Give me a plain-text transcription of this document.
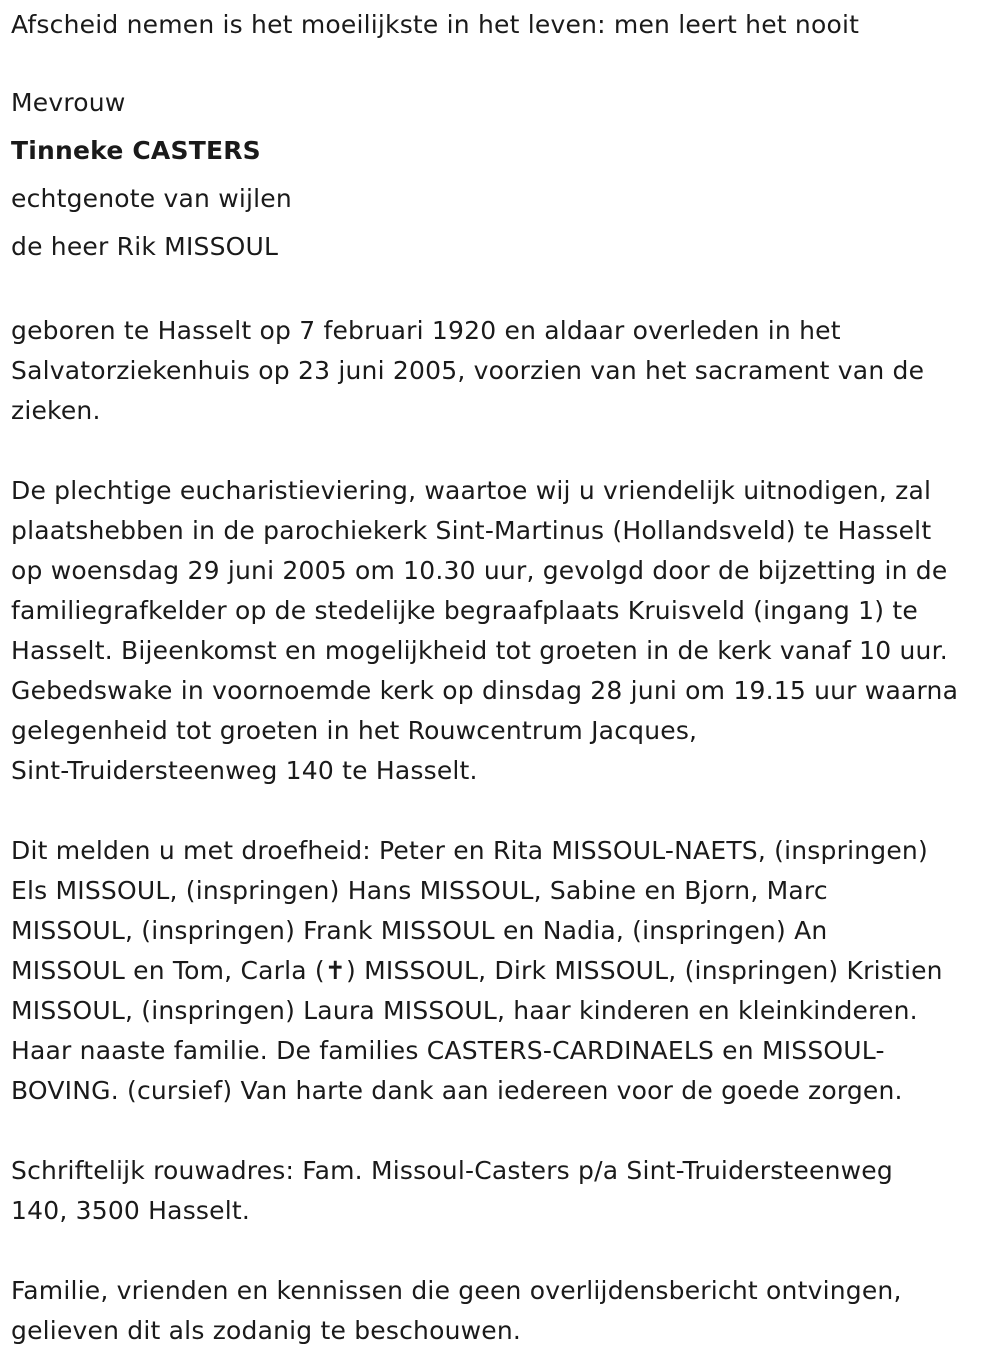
Afscheid nemen is het moeilijkste in het leven: men leert het nooit
Mevrouw
Tinneke CASTERS
echtgenote van wijlen
de heer Rik MISSOUL
geboren te Hasselt op 7 februari 1920 en aldaar overleden in het
Salvatorziekenhuis op 23 juni 2005, voorzien van het sacrament van de
zieken.
De plechtige eucharistieviering, waartoe wij u vriendelijk uitnodigen, zal
plaatshebben in de parochiekerk Sint-Martinus (Hollandsveld) te Hasselt
op woensdag 29 juni 2005 om 10.30 uur, gevolgd door de bijzetting in de
familiegrafkelder op de stedelijke begraafplaats Kruisveld (ingang 1) te
Hasselt. Bijeenkomst en mogelijkheid tot groeten in de kerk vanaf 10 uur.
Gebedswake in voornoemde kerk op dinsdag 28 juni om 19.15 uur waarna
gelegenheid tot groeten in het Rouwcentrum Jacques,
Sint-Truidersteenweg 140 te Hasselt.
Dit melden u met droefheid: Peter en Rita MISSOUL-NAETS, (inspringen)
Els MISSOUL, (inspringen) Hans MISSOUL, Sabine en Bjorn, Marc
MISSOUL, (inspringen) Frank MISSOUL en Nadia, (inspringen) An
MISSOUL en Tom, Carla (✝) MISSOUL, Dirk MISSOUL, (inspringen) Kristien
MISSOUL, (inspringen) Laura MISSOUL, haar kinderen en kleinkinderen.
Haar naaste familie. De families CASTERS-CARDINAELS en MISSOUL-
BOVING. (cursief) Van harte dank aan iedereen voor de goede zorgen.
Schriftelijk rouwadres: Fam. Missoul-Casters p/a Sint-Truidersteenweg
140, 3500 Hasselt.
Familie, vrienden en kennissen die geen overlijdensbericht ontvingen,
gelieven dit als zodanig te beschouwen.
